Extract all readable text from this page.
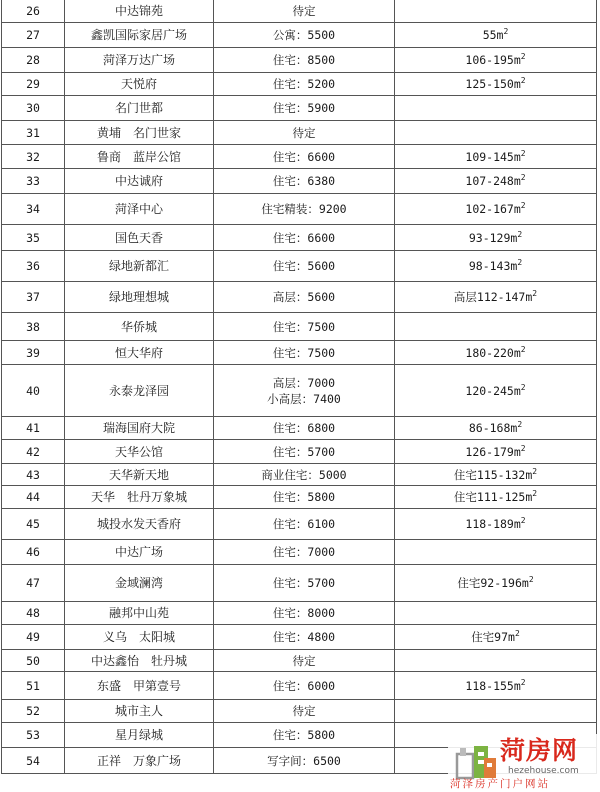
26	中达锦苑	待定	
27	鑫凯国际家居广场	公寓：5500	$55m^2$
28	菏泽万达广场	住宅：8500	$106-195m^2$
29	天悦府	住宅：5200	$125-150m^2$
30	名门世都	住宅：5900	
31	黄埔　名门世家	待定	
32	鲁商　蓝岸公馆	住宅：6600	$109-145m^2$
33	中达诚府	住宅：6380	$107-248m^2$
34	菏泽中心	住宅精装：9200	$102-167m^2$
35	国色天香	住宅：6600	$93-129m^2$
36	绿地新都汇	住宅：5600	$98-143m^2$
37	绿地理想城	高层：5600	高层$112-147m^2$
38	华侨城	住宅：7500	
39	恒大华府	住宅：7500	$180-220m^2$
40	永泰龙泽园	高层：7000
小高层：7400	$120-245m^2$
41	瑞海国府大院	住宅：6800	$86-168m^2$
42	天华公馆	住宅：5700	$126-179m^2$
43	天华新天地	商业住宅：5000	住宅$115-132m^2$
44	天华　牡丹万象城	住宅：5800	住宅$111-125m^2$
45	城投水发天香府	住宅：6100	$118-189m^2$
46	中达广场	住宅：7000	
47	金域澜湾	住宅：5700	住宅$92-196m^2$
48	融邦中山苑	住宅：8000	
49	义乌　太阳城	住宅：4800	住宅$97m^2$
50	中达鑫怡　牡丹城	待定	
51	东盛　甲第壹号	住宅：6000	$118-155m^2$
52	城市主人	待定	
53	星月绿城	住宅：5800	
54	正祥　万象广场	写字间：6500		菏房网
hezehouse.com
菏泽房产门户网站
